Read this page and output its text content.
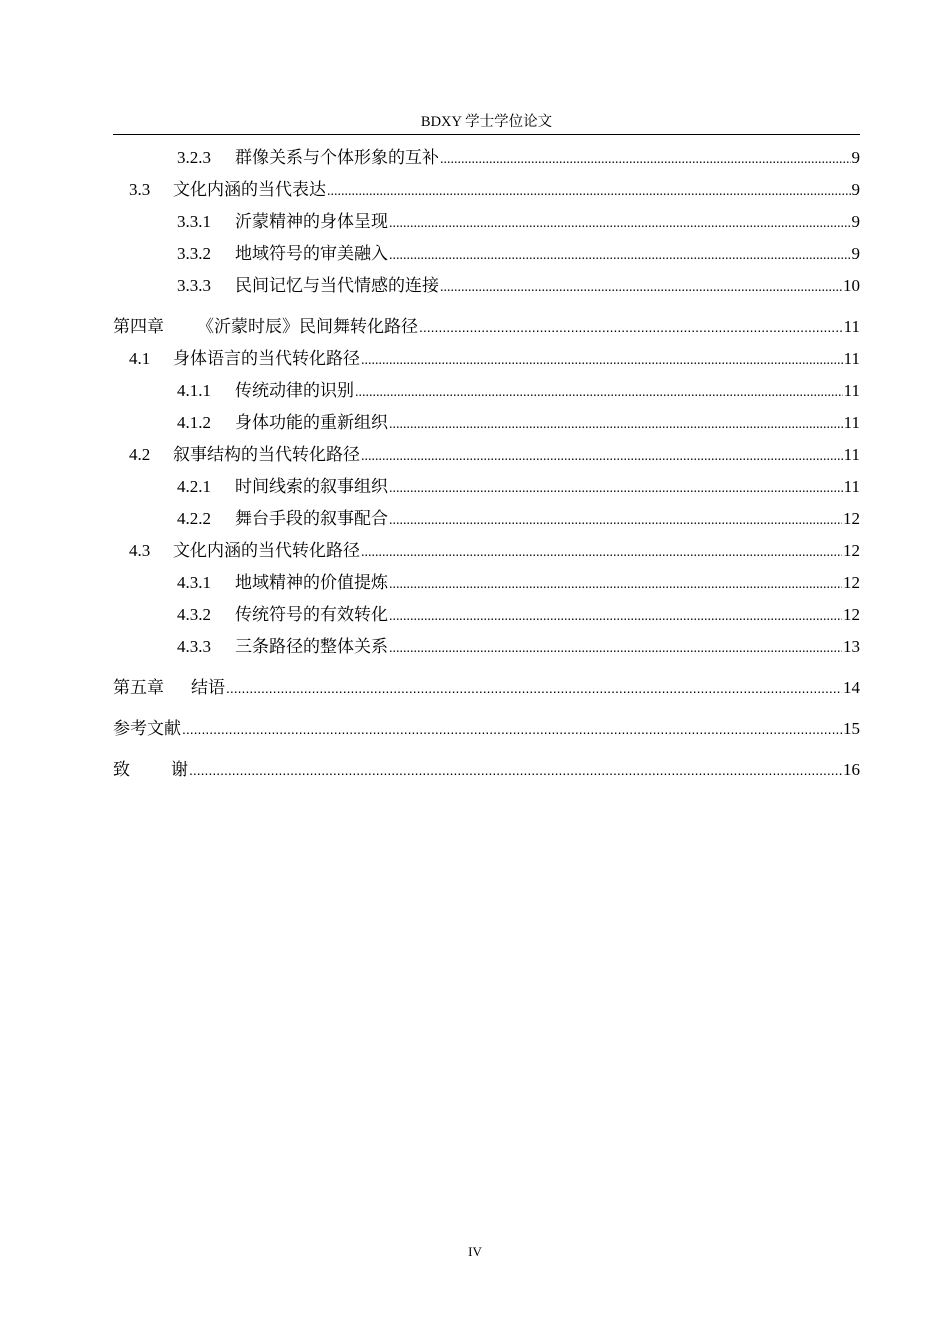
BDXY 学士学位论文
3.2.3	群像关系与个体形象的互补 .....	9
3.3	文化内涵的当代表达 .....	9
3.3.1	沂蒙精神的身体呈现 .....	9
3.3.2	地域符号的审美融入 .....	9
3.3.3	民间记忆与当代情感的连接 .....	10
第四章	《沂蒙时辰》民间舞转化路径 .....	11
4.1	身体语言的当代转化路径 .....	11
4.1.1	传统动律的识别 .....	11
4.1.2	身体功能的重新组织 .....	11
4.2	叙事结构的当代转化路径 .....	11
4.2.1	时间线索的叙事组织 .....	11
4.2.2	舞台手段的叙事配合 .....	12
4.3	文化内涵的当代转化路径 .....	12
4.3.1	地域精神的价值提炼 .....	12
4.3.2	传统符号的有效转化 .....	12
4.3.3	三条路径的整体关系 .....	13
第五章	结语 .....	14
参考文献 .....	15
致	谢 .....	16
IV
